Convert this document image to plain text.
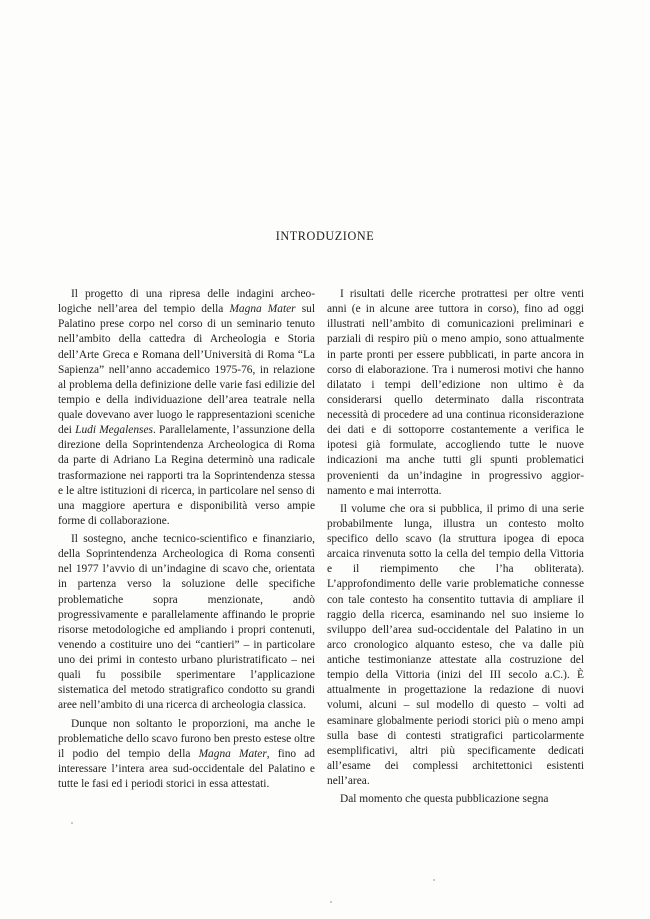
INTRODUZIONE

Il progetto di una ripresa delle indagini archeologiche nell’area del tempio della Magna Mater sul Palatino prese corpo nel corso di un seminario tenuto nell’ambito della cattedra di Archeologia e Storia dell’Arte Greca e Romana dell’Università di Roma “La Sapienza” nell’anno accademico 1975-76, in relazione al problema della definizione delle varie fasi edilizie del tempio e della individuazione dell’area teatrale nella quale dovevano aver luogo le rappresentazioni sceniche dei Ludi Megalenses. Parallelamente, l’assunzione della direzione della Soprintendenza Archeologica di Roma da parte di Adriano La Regina determinò una radicale trasformazione nei rapporti tra la Soprintendenza stessa e le altre istituzioni di ricerca, in particolare nel senso di una maggiore apertura e disponibilità verso ampie forme di collaborazione.

Il sostegno, anche tecnico-scientifico e finanziario, della Soprintendenza Archeologica di Roma consentì nel 1977 l’avvio di un’indagine di scavo che, orientata in partenza verso la soluzione delle specifiche problematiche sopra menzionate, andò progressivamente e parallelamente affinando le proprie risorse metodologiche ed ampliando i propri contenuti, venendo a costituire uno dei “cantieri” – in particolare uno dei primi in contesto urbano pluristratificato – nei quali fu possibile sperimentare l’applicazione sistematica del metodo stratigrafico condotto su grandi aree nell’ambito di una ricerca di archeologia classica.

Dunque non soltanto le proporzioni, ma anche le problematiche dello scavo furono ben presto estese oltre il podio del tempio della Magna Mater, fino ad interessare l’intera area sud-occidentale del Palatino e tutte le fasi ed i periodi storici in essa attestati.

I risultati delle ricerche protrattesi per oltre venti anni (e in alcune aree tuttora in corso), fino ad oggi illustrati nell’ambito di comunicazioni preliminari e parziali di respiro più o meno ampio, sono attualmente in parte pronti per essere pubblicati, in parte ancora in corso di elaborazione. Tra i numerosi motivi che hanno dilatato i tempi dell’edizione non ultimo è da considerarsi quello determinato dalla riscontrata necessità di procedere ad una continua riconsiderazione dei dati e di sottoporre costantemente a verifica le ipotesi già formulate, accogliendo tutte le nuove indicazioni ma anche tutti gli spunti problematici provenienti da un’indagine in progressivo aggiornamento e mai interrotta.

Il volume che ora si pubblica, il primo di una serie probabilmente lunga, illustra un contesto molto specifico dello scavo (la struttura ipogea di epoca arcaica rinvenuta sotto la cella del tempio della Vittoria e il riempimento che l’ha obliterata). L’approfondimento delle varie problematiche connesse con tale contesto ha consentito tuttavia di ampliare il raggio della ricerca, esaminando nel suo insieme lo sviluppo dell’area sud-occidentale del Palatino in un arco cronologico alquanto esteso, che va dalle più antiche testimonianze attestate alla costruzione del tempio della Vittoria (inizi del III secolo a.C.). È attualmente in progettazione la redazione di nuovi volumi, alcuni – sul modello di questo – volti ad esaminare globalmente periodi storici più o meno ampi sulla base di contesti stratigrafici particolarmente esemplificativi, altri più specificamente dedicati all’esame dei complessi architettonici esistenti nell’area.

Dal momento che questa pubblicazione segna
